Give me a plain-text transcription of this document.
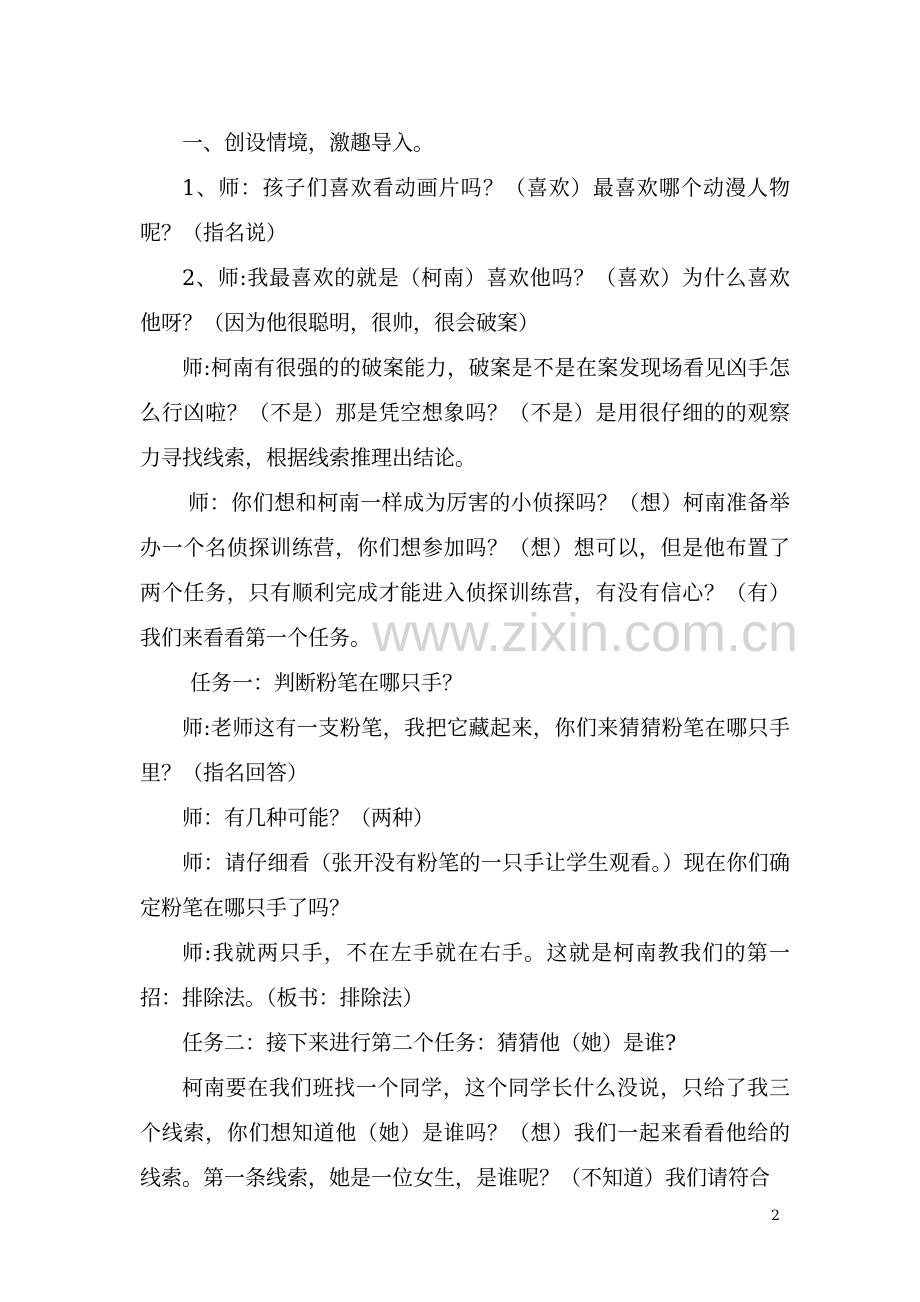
一、创设情境，激趣导入。

1、师：孩子们喜欢看动画片吗？（喜欢）最喜欢哪个动漫人物呢？（指名说）

2、师:我最喜欢的就是（柯南）喜欢他吗？（喜欢）为什么喜欢他呀？（因为他很聪明，很帅，很会破案）

师:柯南有很强的的破案能力，破案是不是在案发现场看见凶手怎么行凶啦？（不是）那是凭空想象吗？（不是）是用很仔细的的观察力寻找线索，根据线索推理出结论。

师：你们想和柯南一样成为厉害的小侦探吗？（想）柯南准备举办一个名侦探训练营，你们想参加吗？（想）想可以，但是他布置了两个任务，只有顺利完成才能进入侦探训练营，有没有信心？（有）我们来看看第一个任务。

任务一：判断粉笔在哪只手？

师:老师这有一支粉笔，我把它藏起来，你们来猜猜粉笔在哪只手里？（指名回答）

师：有几种可能？（两种）

师：请仔细看（张开没有粉笔的一只手让学生观看。）现在你们确定粉笔在哪只手了吗？

师:我就两只手，不在左手就在右手。这就是柯南教我们的第一招：排除法。（板书：排除法）

任务二：接下来进行第二个任务：猜猜他（她）是谁?

柯南要在我们班找一个同学，这个同学长什么没说，只给了我三个线索，你们想知道他（她）是谁吗？（想）我们一起来看看他给的线索。第一条线索，她是一位女生，是谁呢？（不知道）我们请符合

www.zixin.com.cn
2
